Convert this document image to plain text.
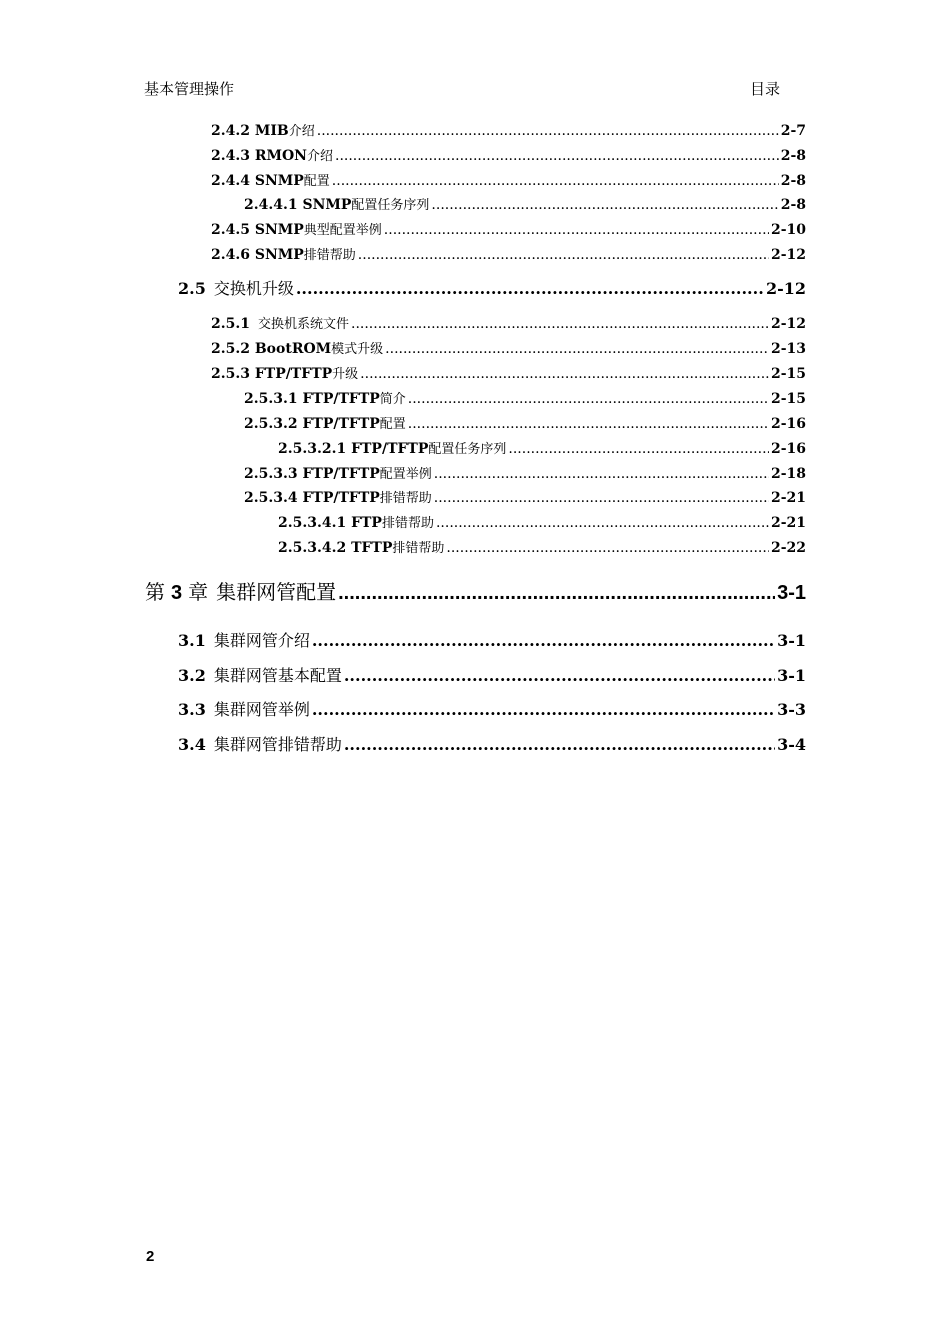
基本管理操作	目录
2.4.2 MIB 介绍 .....	2-7
2.4.3 RMON 介绍 .....	2-8
2.4.4 SNMP 配置 .....	2-8
2.4.4.1 SNMP 配置任务序列 .....	2-8
2.4.5 SNMP 典型配置举例 .....	2-10
2.4.6 SNMP 排错帮助 .....	2-12
2.5 交换机升级 .....	2-12
2.5.1 交换机系统文件 .....	2-12
2.5.2 BootROM 模式升级 .....	2-13
2.5.3 FTP/TFTP 升级 .....	2-15
2.5.3.1 FTP/TFTP 简介 .....	2-15
2.5.3.2 FTP/TFTP 配置 .....	2-16
2.5.3.2.1 FTP/TFTP 配置任务序列 .....	2-16
2.5.3.3 FTP/TFTP 配置举例 .....	2-18
2.5.3.4 FTP/TFTP 排错帮助 .....	2-21
2.5.3.4.1 FTP 排错帮助 .....	2-21
2.5.3.4.2 TFTP 排错帮助 .....	2-22
第 3 章 集群网管配置 .....	3-1
3.1 集群网管介绍 .....	3-1
3.2 集群网管基本配置 .....	3-1
3.3 集群网管举例 .....	3-3
3.4 集群网管排错帮助 .....	3-4
2
